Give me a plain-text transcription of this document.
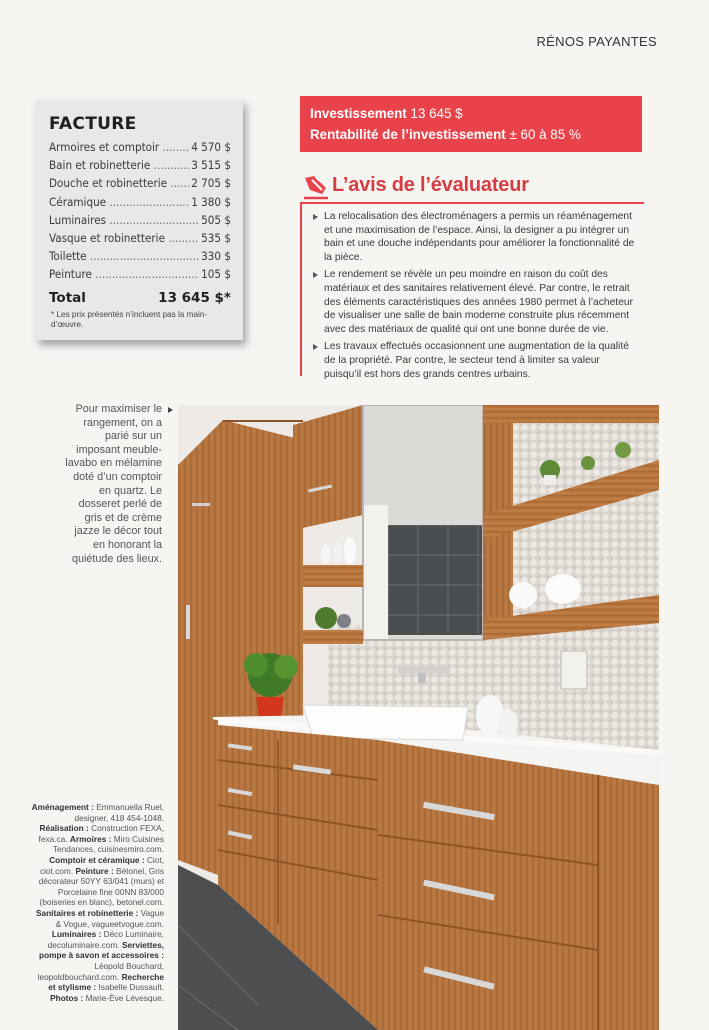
RÉNOS PAYANTES
FACTURE
Armoires et comptoir .....	4 570 $
Bain et robinetterie .....	3 515 $
Douche et robinetterie .....	2 705 $
Céramique .....	1 380 $
Luminaires .....	505 $
Vasque et robinetterie .....	535 $
Toilette .....	330 $
Peinture .....	105 $
Total	13 645 $*
* Les prix présentés n’incluent pas la main-d’œuvre.
Investissement 13 645 $
Rentabilité de l’investissement ± 60 à 85 %
L’avis de l’évaluateur
La relocalisation des électroménagers a permis un réaménagement et une maximisation de l’espace. Ainsi, la designer a pu intégrer un bain et une douche indépendants pour améliorer la fonctionnalité de la pièce.
Le rendement se révèle un peu moindre en raison du coût des matériaux et des sanitaires relativement élevé. Par contre, le retrait des éléments caractéristiques des années 1980 permet à l’acheteur de visualiser une salle de bain moderne construite plus récemment avec des matériaux de qualité qui ont une bonne durée de vie.
Les travaux effectués occasionnent une augmentation de la qualité de la propriété. Par contre, le secteur tend à limiter sa valeur puisqu’il est hors des grands centres urbains.
Pour maximiser le rangement, on a parié sur un imposant meuble-lavabo en mélamine doté d’un comptoir en quartz. Le dosseret perlé de gris et de crème jazze le décor tout en honorant la quiétude des lieux.
Aménagement : Emmanuella Ruel, designer, 418 454-1048. Réalisation : Construction FEXA, fexa.ca. Armoires : Miro Cuisines Tendances, cuisinesmiro.com. Comptoir et céramique : Ciot, ciot.com. Peinture : Bétonel, Gris décorateur 50YY 63/041 (murs) et Porcelaine fine 00NN 83/000 (boiseries en blanc), betonel.com. Sanitaires et robinetterie : Vague & Vogue, vagueetvogue.com. Luminaires : Déco Luminaire, decoluminaire.com. Serviettes, pompe à savon et accessoires : Léopold Bouchard, leopoldbouchard.com. Recherche et stylisme : Isabelle Dussault. Photos : Marie-Ève Lévesque.
